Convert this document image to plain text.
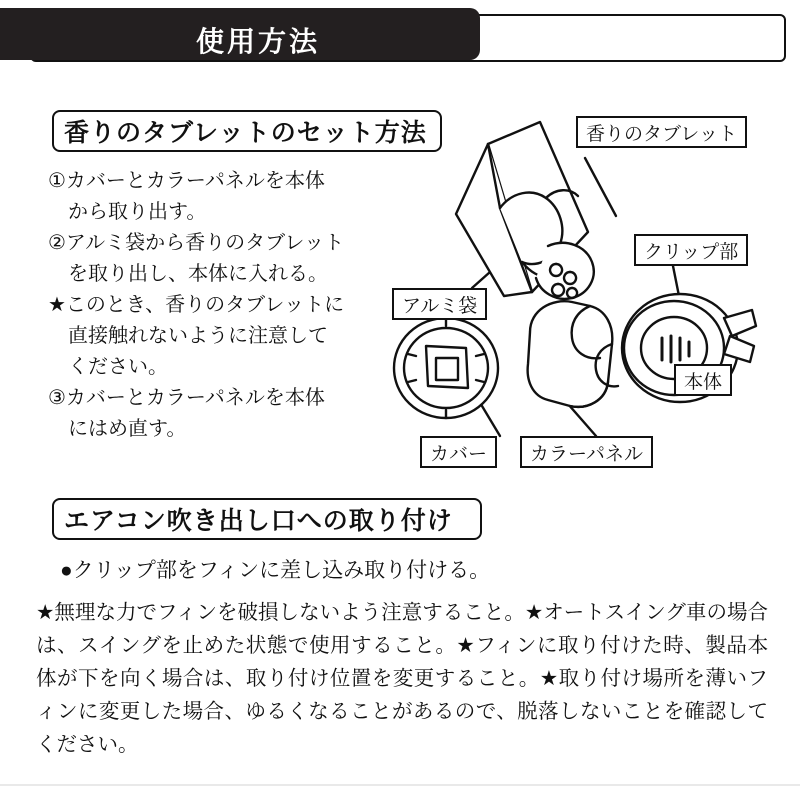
使用方法
香りのタブレットのセット方法

①カバーとカラーパネルを本体

　から取り出す。

②アルミ袋から香りのタブレット

　を取り出し、本体に入れる。

★このとき、香りのタブレットに

　直接触れないように注意して

　ください。

③カバーとカラーパネルを本体

　にはめ直す。

香りのタブレット
クリップ部
本体
アルミ袋
カバー	カラーパネル
エアコン吹き出し口への取り付け
●クリップ部をフィンに差し込み取り付ける。
★無理な力でフィンを破損しないよう注意すること。★オートスイング車の場合は、スイングを止めた状態で使用すること。★フィンに取り付けた時、製品本体が下を向く場合は、取り付け位置を変更すること。★取り付け場所を薄いフィンに変更した場合、ゆるくなることがあるので、脱落しないことを確認してください。
